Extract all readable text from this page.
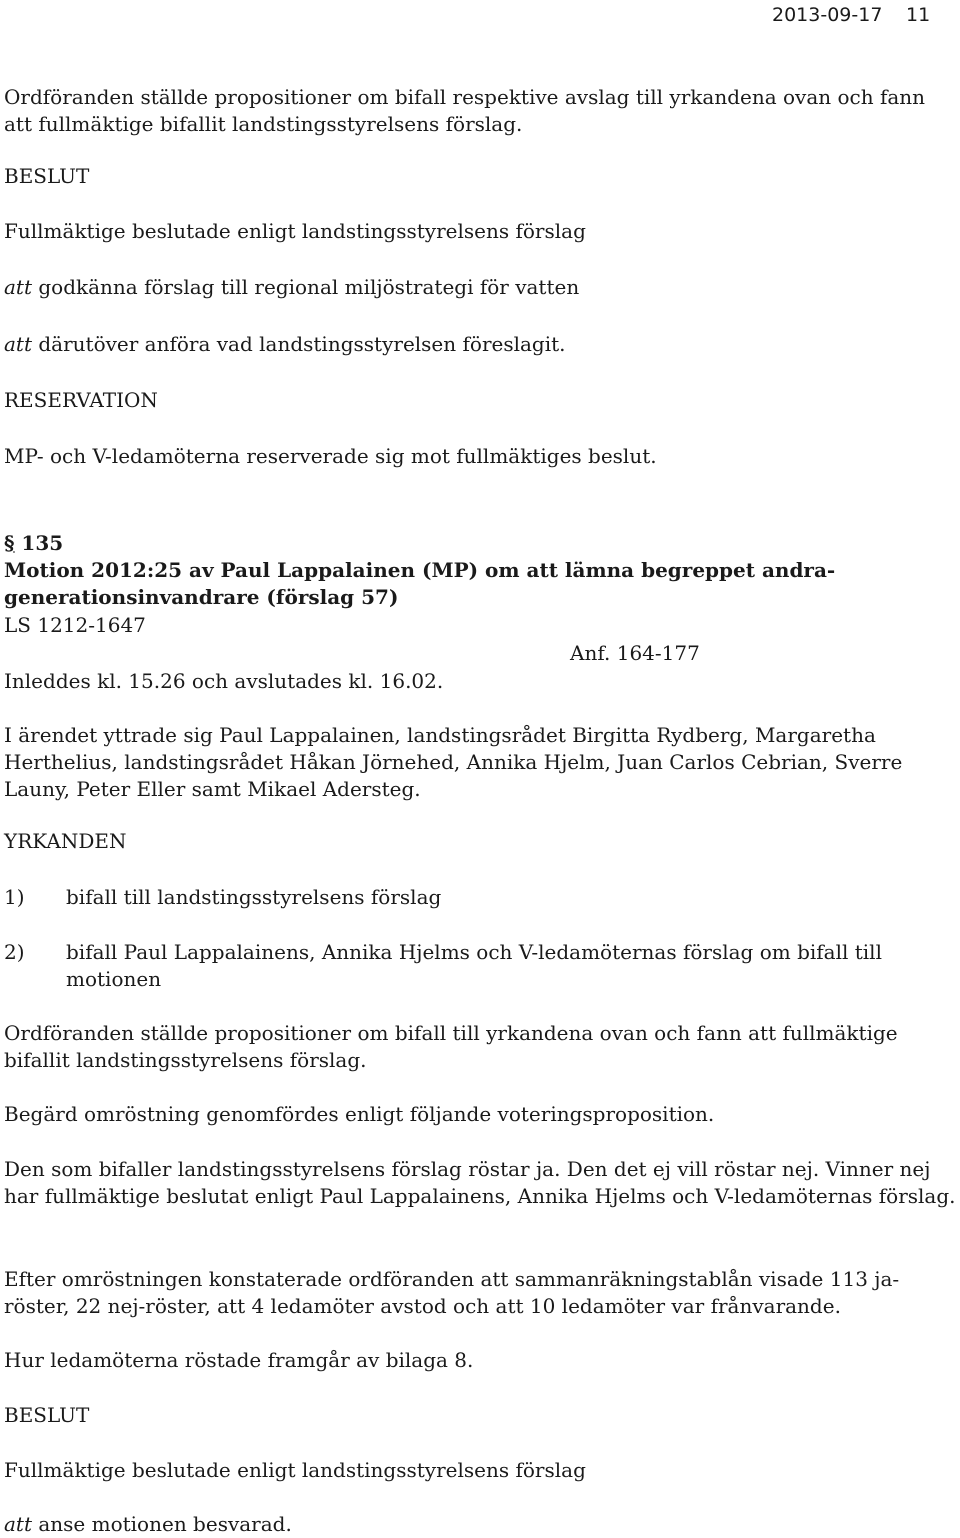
2013-09-17 11

Ordföranden ställde propositioner om bifall respektive avslag till yrkandena ovan och fann att fullmäktige bifallit landstingsstyrelsens förslag.

BESLUT

Fullmäktige beslutade enligt landstingsstyrelsens förslag

att godkänna förslag till regional miljöstrategi för vatten

att därutöver anföra vad landstingsstyrelsen föreslagit.

RESERVATION

MP- och V-ledamöterna reserverade sig mot fullmäktiges beslut.

§ 135

Motion 2012:25 av Paul Lappalainen (MP) om att lämna begreppet andra-generationsinvandrare (förslag 57)

LS 1212-1647

Anf. 164-177

Inleddes kl. 15.26 och avslutades kl. 16.02.

I ärendet yttrade sig Paul Lappalainen, landstingsrådet Birgitta Rydberg, Margaretha Herthelius, landstingsrådet Håkan Jörnehed, Annika Hjelm, Juan Carlos Cebrian, Sverre Launy, Peter Eller samt Mikael Adersteg.

YRKANDEN

1) bifall till landstingsstyrelsens förslag
2) bifall Paul Lappalainens, Annika Hjelms och V-ledamöternas förslag om bifall till motionen

Ordföranden ställde propositioner om bifall till yrkandena ovan och fann att fullmäktige bifallit landstingsstyrelsens förslag.

Begärd omröstning genomfördes enligt följande voteringsproposition.

Den som bifaller landstingsstyrelsens förslag röstar ja. Den det ej vill röstar nej. Vinner nej har fullmäktige beslutat enligt Paul Lappalainens, Annika Hjelms och V-ledamöternas förslag.

Efter omröstningen konstaterade ordföranden att sammanräkningstablån visade 113 ja-röster, 22 nej-röster, att 4 ledamöter avstod och att 10 ledamöter var frånvarande.

Hur ledamöterna röstade framgår av bilaga 8.

BESLUT

Fullmäktige beslutade enligt landstingsstyrelsens förslag

att anse motionen besvarad.
